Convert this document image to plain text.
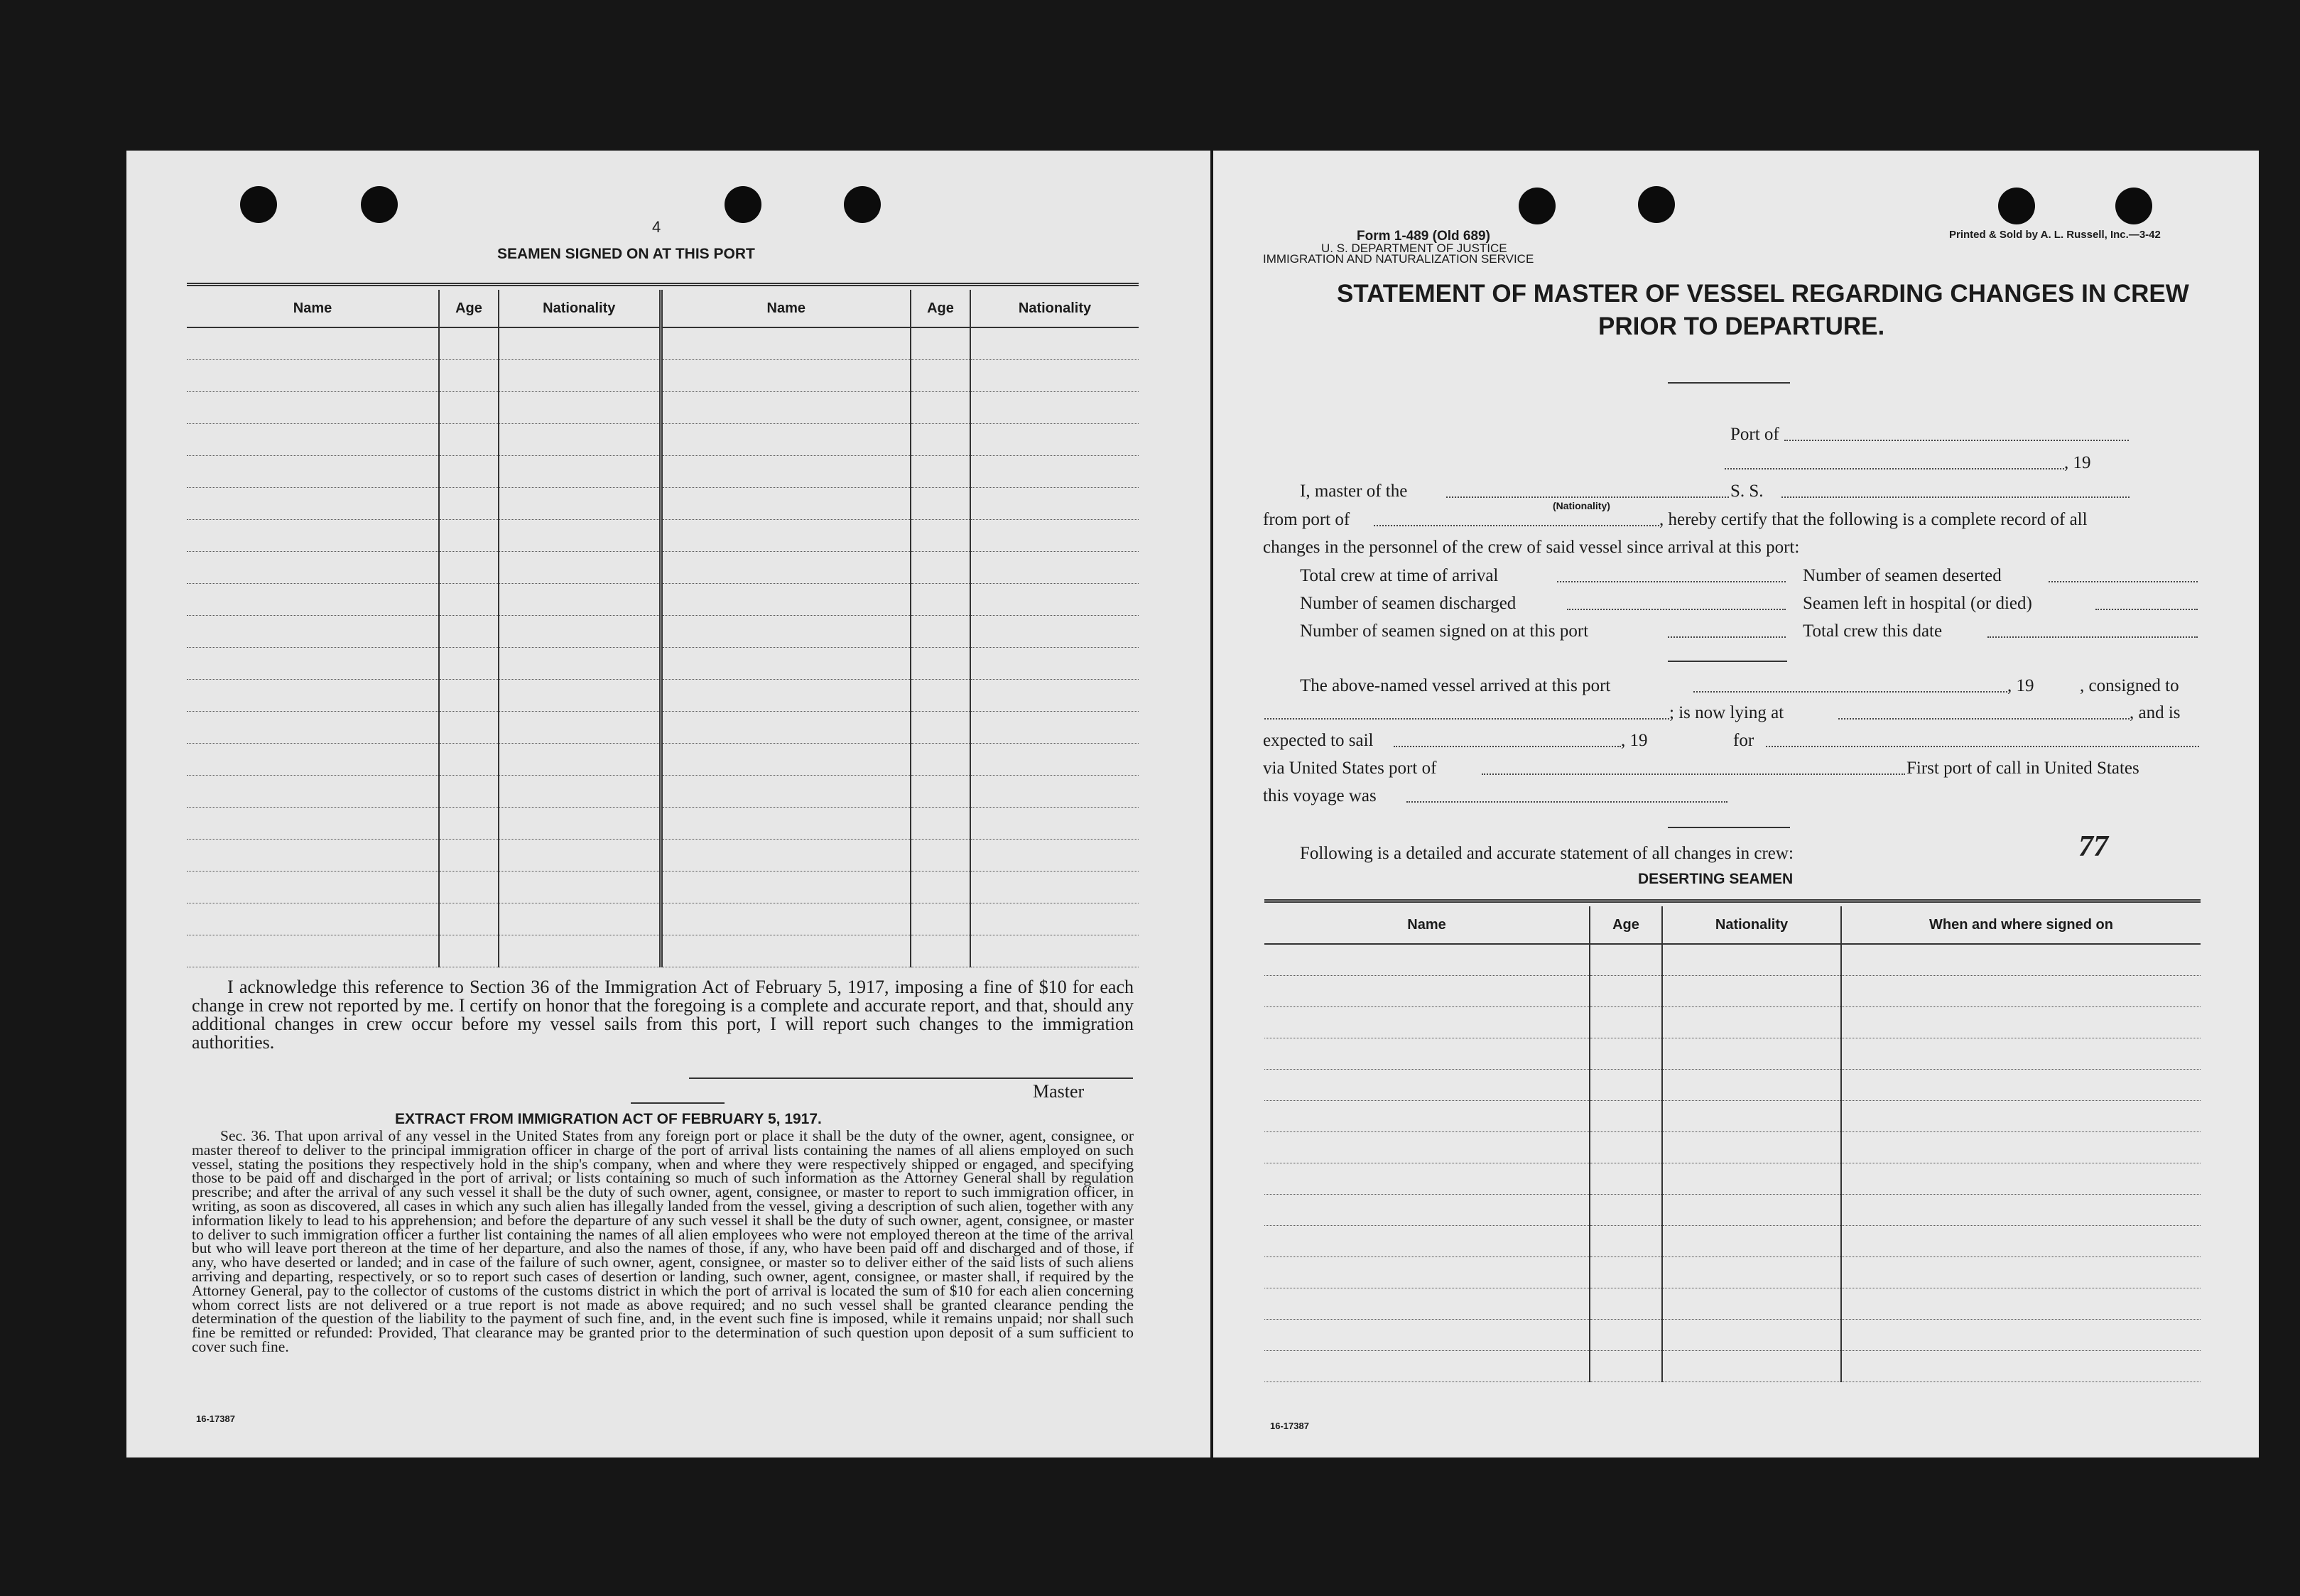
4
SEAMEN SIGNED ON AT THIS PORT
Name	Age	Nationality	Name	Age	Nationality

I acknowledge this reference to Section 36 of the Immigration Act of February 5, 1917, imposing a fine of $10 for each change in crew not reported by me. I certify on honor that the foregoing is a complete and accurate report, and that, should any additional changes in crew occur before my vessel sails from this port, I will report such changes to the immigration authorities.
Master
EXTRACT FROM IMMIGRATION ACT OF FEBRUARY 5, 1917.
Sec. 36. That upon arrival of any vessel in the United States from any foreign port or place it shall be the duty of the owner, agent, consignee, or master thereof to deliver to the principal immigration officer in charge of the port of arrival lists containing the names of all aliens employed on such vessel, stating the positions they respectively hold in the ship's company, when and where they were respectively shipped or engaged, and specifying those to be paid off and discharged in the port of arrival; or lists containing so much of such information as the Attorney General shall by regulation prescribe; and after the arrival of any such vessel it shall be the duty of such owner, agent, consignee, or master to report to such immigration officer, in writing, as soon as discovered, all cases in which any such alien has illegally landed from the vessel, giving a description of such alien, together with any information likely to lead to his apprehension; and before the departure of any such vessel it shall be the duty of such owner, agent, consignee, or master to deliver to such immigration officer a further list containing the names of all alien employees who were not employed thereon at the time of the arrival but who will leave port thereon at the time of her departure, and also the names of those, if any, who have been paid off and discharged and of those, if any, who have deserted or landed; and in case of the failure of such owner, agent, consignee, or master so to deliver either of the said lists of such aliens arriving and departing, respectively, or so to report such cases of desertion or landing, such owner, agent, consignee, or master shall, if required by the Attorney General, pay to the collector of customs of the customs district in which the port of arrival is located the sum of $10 for each alien concerning whom correct lists are not delivered or a true report is not made as above required; and no such vessel shall be granted clearance pending the determination of the question of the liability to the payment of such fine, and, in the event such fine is imposed, while it remains unpaid; nor shall such fine be remitted or refunded: Provided, That clearance may be granted prior to the determination of such question upon deposit of a sum sufficient to cover such fine.
16-17387
Form 1-489 (Old 689)
U. S. DEPARTMENT OF JUSTICE
IMMIGRATION AND NATURALIZATION SERVICE
Printed & Sold by A. L. Russell, Inc.—3-42
STATEMENT OF MASTER OF VESSEL REGARDING CHANGES IN CREW
PRIOR TO DEPARTURE.
Port of
, 19
I, master of the	S. S.
(Nationality)
from port of	, hereby certify that the following is a complete record of all
changes in the personnel of the crew of said vessel since arrival at this port:
Total crew at time of arrival	Number of seamen deserted
Number of seamen discharged	Seamen left in hospital (or died)
Number of seamen signed on at this port	Total crew this date
The above-named vessel arrived at this port	, 19	, consigned to
; is now lying at	, and is
expected to sail	, 19	for
via United States port of	First port of call in United States
this voyage was
Following is a detailed and accurate statement of all changes in crew:	77
DESERTING SEAMEN
Name	Age	Nationality	When and where signed on

16-17387
